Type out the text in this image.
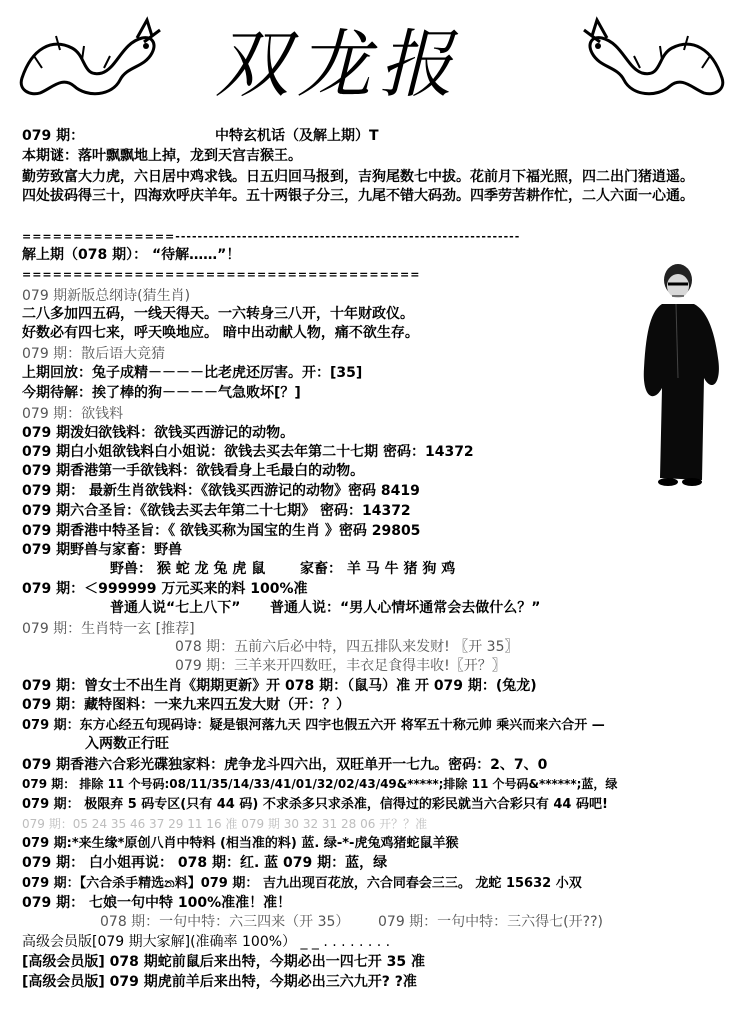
双龙报
079 期：	中特玄机话（及解上期）T
本期谜：落叶飘飘地上掉，龙到天宫吉猴王。
勤劳致富大力虎，六日居中鸡求钱。日五归回马报到，吉狗尾数七中拔。花前月下福光照，四二出门猪逍遥。四处拔码得三十，四海欢呼庆羊年。五十两银子分三，九尾不错大码劲。四季劳苦耕作忙，二人六面一心通。
===============--------------------------------------------------------------
解上期（078 期）： “待解……”！
=======================================
079 期新版总纲诗(猜生肖)
二八多加四五码，一线天得天。一六转身三八开，十年财政仪。
好数必有四七来，呼天唤地应。 暗中出动献人物，痛不欲生存。
079 期：散后语大竞猜
上期回放：兔子成精－－－－比老虎还厉害。开：[35]
今期待解：挨了棒的狗－－－－气急败坏[？]
079 期：欲钱料
079 期泼妇欲钱料：欲钱买西游记的动物。
079 期白小姐欲钱料白小姐说：欲钱去买去年第二十七期 密码：14372
079 期香港第一手欲钱料：欲钱看身上毛最白的动物。
079 期： 最新生肖欲钱料：《欲钱买西游记的动物》密码 8419
079 期六合圣旨：《欲钱去买去年第二十七期》 密码：14372
079 期香港中特圣旨：《 欲钱买称为国宝的生肖 》密码 29805
079 期野兽与家畜：野兽
野兽： 猴 蛇 龙 兔 虎 鼠 家畜： 羊 马 牛 猪 狗 鸡
079 期：＜999999 万元买来的料 100%准
普通人说“七上八下” 普通人说：“男人心情坏通常会去做什么？”
079 期：生肖特一玄 [推荐]
078 期：五前六后必中特，四五排队来发财! 〖开 35〗
079 期：三羊来开四数旺，丰衣足食得丰收!〖开？〗
079 期：曾女士不出生肖《期期更新》开 078 期：（鼠马）准 开 079 期：(兔龙)
079 期：藏特图料：一来九来四五发大财（开：？）
079 期：东方心经五句现码诗：疑是银河落九天 四宇也假五六开 将军五十称元帅 乘兴而来六合开 —
入两数正行旺
079 期香港六合彩光碟独家料：虎争龙斗四六出，双旺单开一七九。密码：2、7、0
079 期： 排除 11 个号码:08/11/35/14/33/41/01/32/02/43/49&*****;排除 11 个号码&******;蓝，绿
079 期： 极限弃 5 码专区(只有 44 码) 不求杀多只求杀准，信得过的彩民就当六合彩只有 44 码吧!
079 期：05 24 35 46 37 29 11 16 准 079 期 30 32 31 28 06 开？？准
079 期:*来生缘*原创八肖中特料 (相当准的料) 蓝. 绿-*-虎兔鸡猪蛇鼠羊猴
079 期： 白小姐再说： 078 期：红. 蓝 079 期：蓝，绿
079 期：【六合杀手精选න料】079 期： 吉九出现百花放，六合同春会三三。 龙蛇 15632 小双
079 期： 七娘一句中特 100%准准！准！
078 期：一句中特：六三四来（开 35） 079 期：一句中特：三六得七(开??)
高级会员版[079 期大家解](准确率 100%） _ _ . . . . . . . .
[高级会员版] 078 期蛇前鼠后来出特，今期必出一四七开 35 准
[高级会员版] 079 期虎前羊后来出特，今期必出三六九开? ?准
